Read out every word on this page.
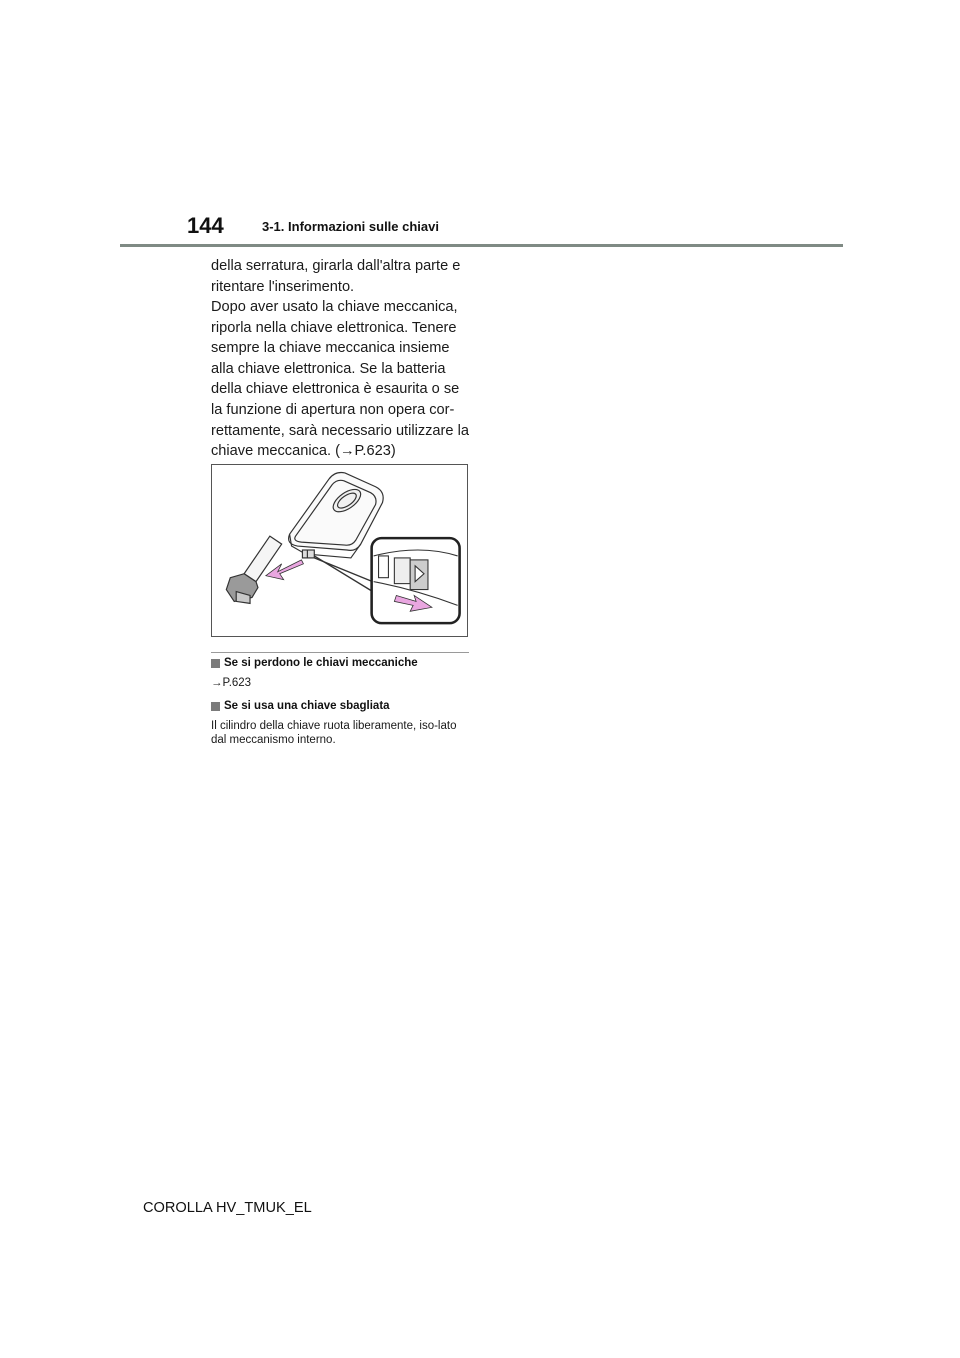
144	3-1. Informazioni sulle chiavi

della serratura, girarla dall'altra parte e ritentare l'inserimento.

Dopo aver usato la chiave meccanica, riporla nella chiave elettronica. Tenere sempre la chiave meccanica insieme alla chiave elettronica. Se la batteria della chiave elettronica è esaurita o se la funzione di apertura non opera cor-rettamente, sarà necessario utilizzare la chiave meccanica. (→P.623)

Se si perdono le chiavi meccaniche

→P.623

Se si usa una chiave sbagliata

Il cilindro della chiave ruota liberamente, iso-lato dal meccanismo interno.

COROLLA HV_TMUK_EL
